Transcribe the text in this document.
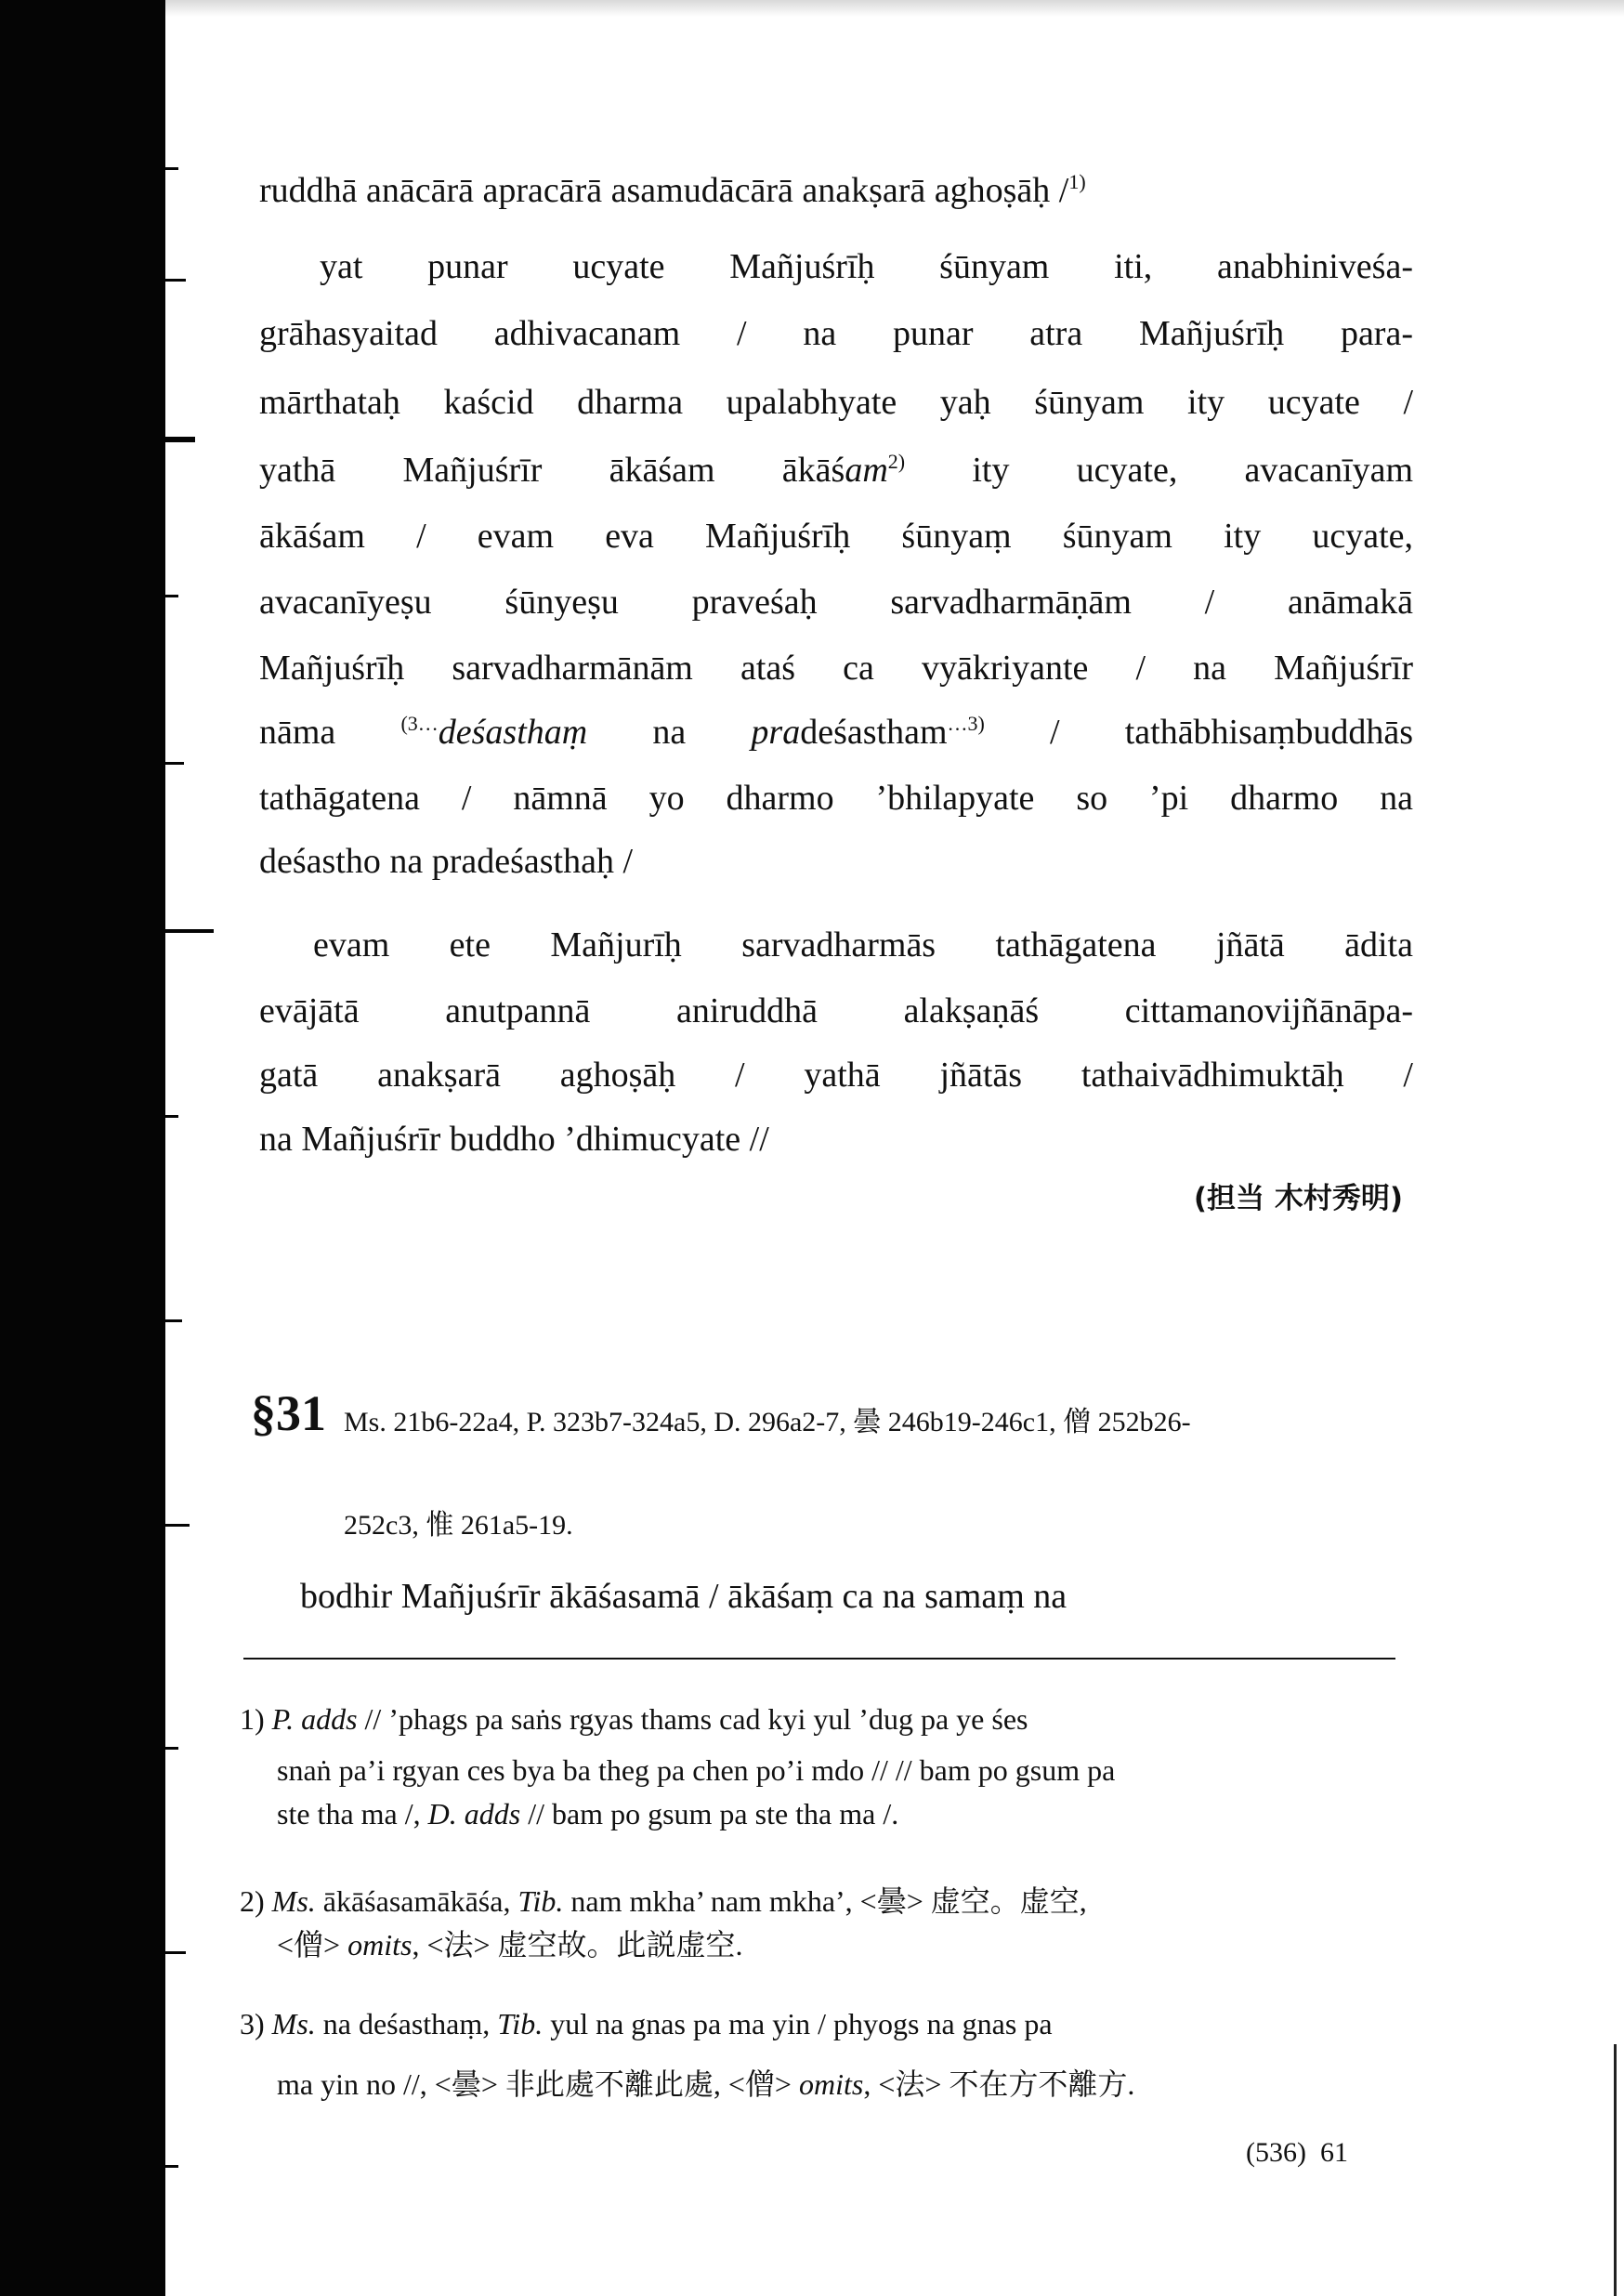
ruddhā anācārā apracārā asamudācārā anakṣarā aghoṣāḥ /$^{1)}$
yat punar ucyate Mañjuśrīḥ śūnyam iti, anabhiniveśa-
grāhasyaitad adhivacanam / na punar atra Mañjuśrīḥ para-
mārthataḥ kaścid dharma upalabhyate yaḥ śūnyam ity ucyate /
yathā Mañjuśrīr ākāśam ākāśam$^{2)}$ ity ucyate, avacanīyam
ākāśam / evam eva Mañjuśrīḥ śūnyaṃ śūnyam ity ucyate,
avacanīyeṣu śūnyeṣu praveśaḥ sarvadharmāṇām / anāmakā
Mañjuśrīḥ sarvadharmānām ataś ca vyākriyante / na Mañjuśrīr
nāma $^{(3\dots}$deśasthaṃ na pradeśastham$^{\dots 3)}$ / tathābhisaṃbuddhās
tathāgatena / nāmnā yo dharmo ’bhilapyate so ’pi dharmo na
deśastho na pradeśasthaḥ /
evam ete Mañjurīḥ sarvadharmās tathāgatena jñātā ādita
evājātā anutpannā aniruddhā alakṣaṇāś cittamanovijñānāpa-
gatā anakṣarā aghoṣāḥ / yathā jñātās tathaivādhimuktāḥ /
na Mañjuśrīr buddho ’dhimucyate //
(担当 木村秀明)
§31 Ms. 21b6-22a4, P. 323b7-324a5, D. 296a2-7, 曇 246b19-246c1, 僧 252b26-
252c3, 惟 261a5-19.
bodhir Mañjuśrīr ākāśasamā / ākāśaṃ ca na samaṃ na
1) P. adds // ’phags pa saṅs rgyas thams cad kyi yul ’dug pa ye śes
snaṅ pa’i rgyan ces bya ba theg pa chen po’i mdo // // bam po gsum pa
ste tha ma /, D. adds // bam po gsum pa ste tha ma /.
2) Ms. ākāśasamākāśa, Tib. nam mkha’ nam mkha’, <曇> 虚空。虚空,
<僧> omits, <法> 虚空故。此説虚空.
3) Ms. na deśasthaṃ, Tib. yul na gnas pa ma yin / phyogs na gnas pa
ma yin no //, <曇> 非此處不離此處, <僧> omits, <法> 不在方不離方.
(536)  61
